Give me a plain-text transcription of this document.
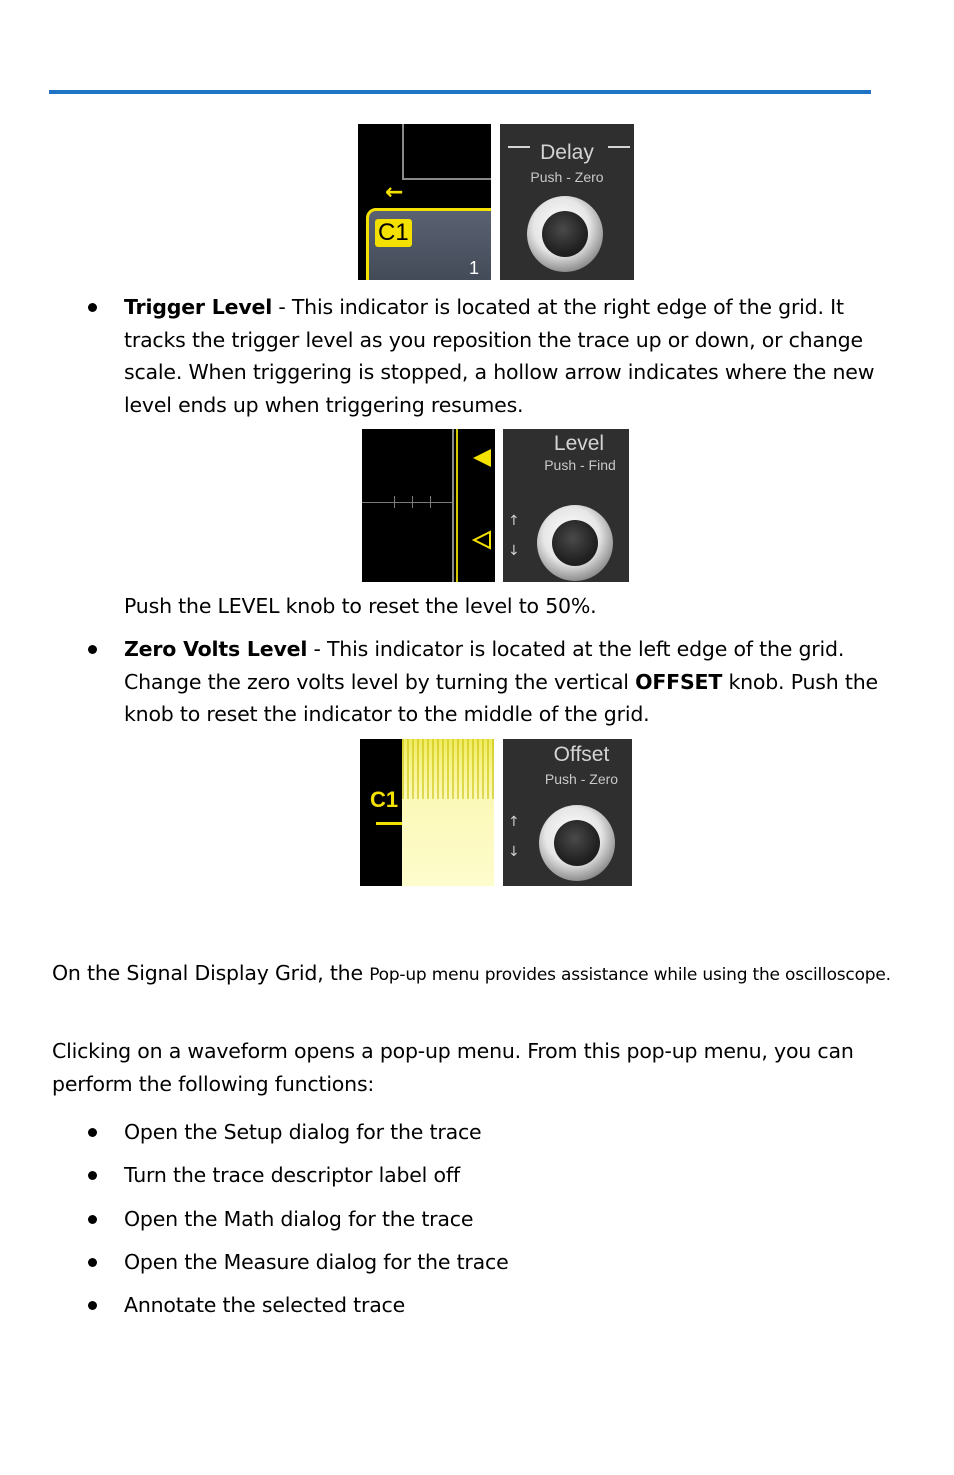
←
C1
1
Delay
Push - Zero
Trigger Level - This indicator is located at the right edge of the grid. It tracks the trigger level as you reposition the trace up or down, or change scale. When triggering is stopped, a hollow arrow indicates where the new level ends up when triggering resumes.
Level
Push - Find
↑

↓
Push the LEVEL knob to reset the level to 50%.
Zero Volts Level - This indicator is located at the left edge of the grid. Change the zero volts level by turning the vertical OFFSET knob. Push the knob to reset the indicator to the middle of the grid.
C1
Offset
Push - Zero
↑

↓
On the Signal Display Grid, the Pop-up menu provides assistance while using the oscilloscope.
Clicking on a waveform opens a pop-up menu. From this pop-up menu, you can perform the following functions:
Open the Setup dialog for the trace
Turn the trace descriptor label off
Open the Math dialog for the trace
Open the Measure dialog for the trace
Annotate the selected trace
